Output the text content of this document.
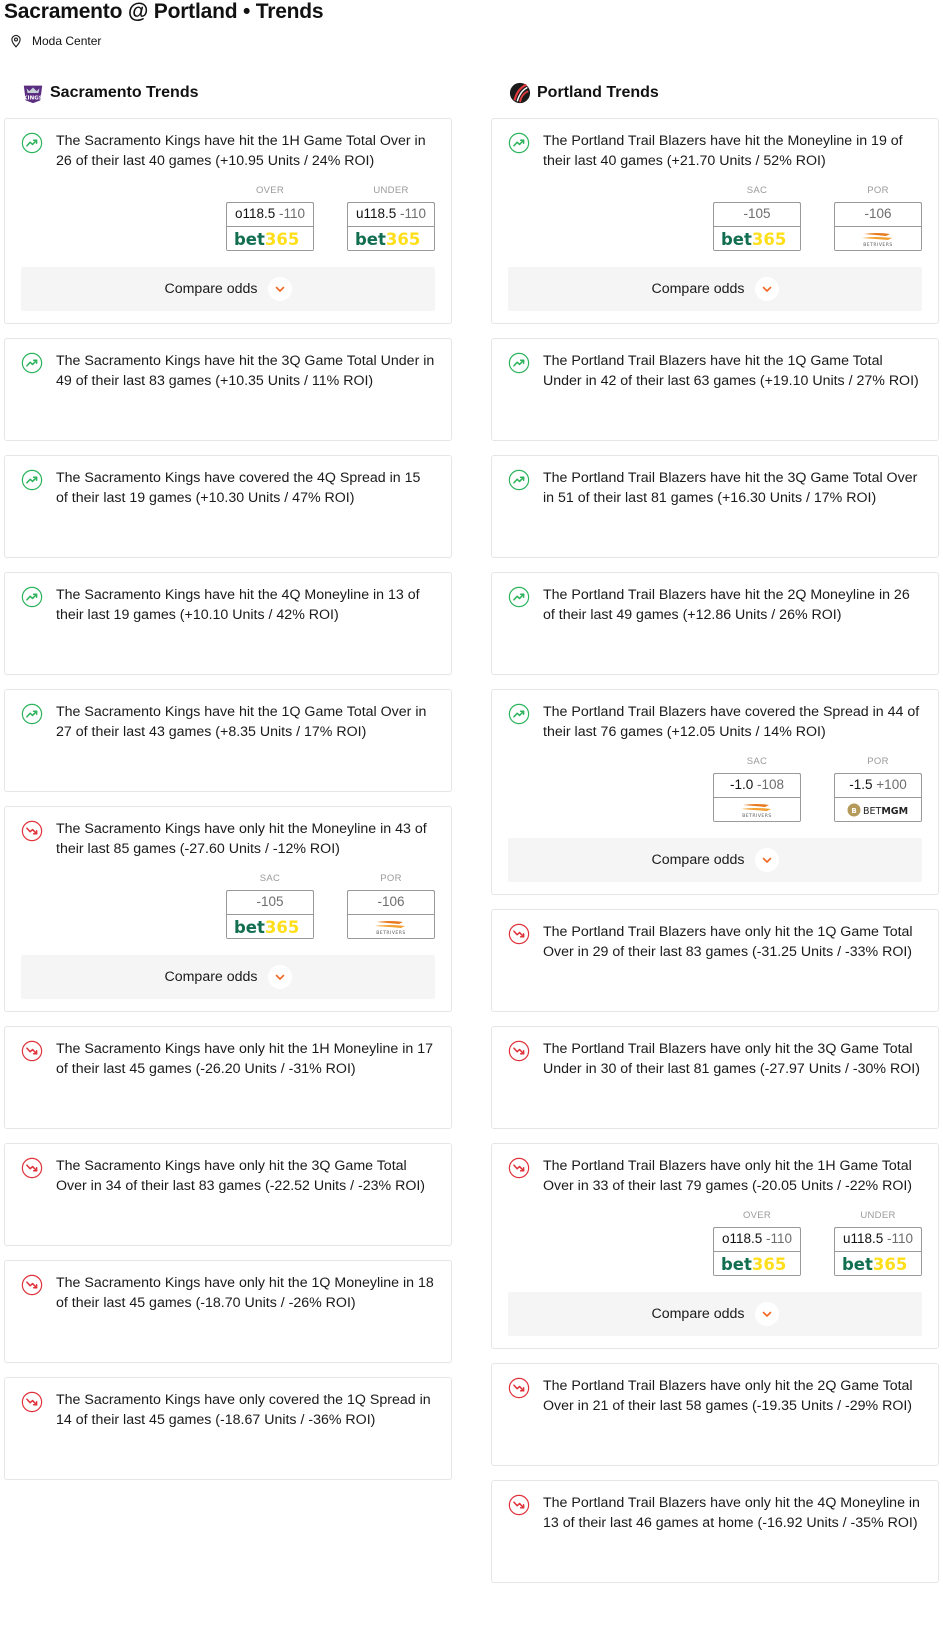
Sacramento @ Portland • Trends
Moda Center
KINGS Sacramento Trends
The Sacramento Kings have hit the 1H Game Total Over in 26 of their last 40 games (+10.95 Units / 24% ROI)
OVER
o118.5 -110
bet365
UNDER
u118.5 -110
bet365
Compare odds
The Sacramento Kings have hit the 3Q Game Total Under in 49 of their last 83 games (+10.35 Units / 11% ROI)
The Sacramento Kings have covered the 4Q Spread in 15 of their last 19 games (+10.30 Units / 47% ROI)
The Sacramento Kings have hit the 4Q Moneyline in 13 of their last 19 games (+10.10 Units / 42% ROI)
The Sacramento Kings have hit the 1Q Game Total Over in 27 of their last 43 games (+8.35 Units / 17% ROI)
The Sacramento Kings have only hit the Moneyline in 43 of their last 85 games (-27.60 Units / -12% ROI)
SAC
-105
bet365
POR
-106
BETRIVERS
Compare odds
The Sacramento Kings have only hit the 1H Moneyline in 17 of their last 45 games (-26.20 Units / -31% ROI)
The Sacramento Kings have only hit the 3Q Game Total Over in 34 of their last 83 games (-22.52 Units / -23% ROI)
The Sacramento Kings have only hit the 1Q Moneyline in 18 of their last 45 games (-18.70 Units / -26% ROI)
The Sacramento Kings have only covered the 1Q Spread in 14 of their last 45 games (-18.67 Units / -36% ROI)
Portland Trends
The Portland Trail Blazers have hit the Moneyline in 19 of their last 40 games (+21.70 Units / 52% ROI)
SAC
-105
bet365
POR
-106
BETRIVERS
Compare odds
The Portland Trail Blazers have hit the 1Q Game Total Under in 42 of their last 63 games (+19.10 Units / 27% ROI)
The Portland Trail Blazers have hit the 3Q Game Total Over in 51 of their last 81 games (+16.30 Units / 17% ROI)
The Portland Trail Blazers have hit the 2Q Moneyline in 26 of their last 49 games (+12.86 Units / 26% ROI)
The Portland Trail Blazers have covered the Spread in 44 of their last 76 games (+12.05 Units / 14% ROI)
SAC
-1.0 -108
BETRIVERS
POR
-1.5 +100
B BETMGM
Compare odds
The Portland Trail Blazers have only hit the 1Q Game Total Over in 29 of their last 83 games (-31.25 Units / -33% ROI)
The Portland Trail Blazers have only hit the 3Q Game Total Under in 30 of their last 81 games (-27.97 Units / -30% ROI)
The Portland Trail Blazers have only hit the 1H Game Total Over in 33 of their last 79 games (-20.05 Units / -22% ROI)
OVER
o118.5 -110
bet365
UNDER
u118.5 -110
bet365
Compare odds
The Portland Trail Blazers have only hit the 2Q Game Total Over in 21 of their last 58 games (-19.35 Units / -29% ROI)
The Portland Trail Blazers have only hit the 4Q Moneyline in 13 of their last 46 games at home (-16.92 Units / -35% ROI)
